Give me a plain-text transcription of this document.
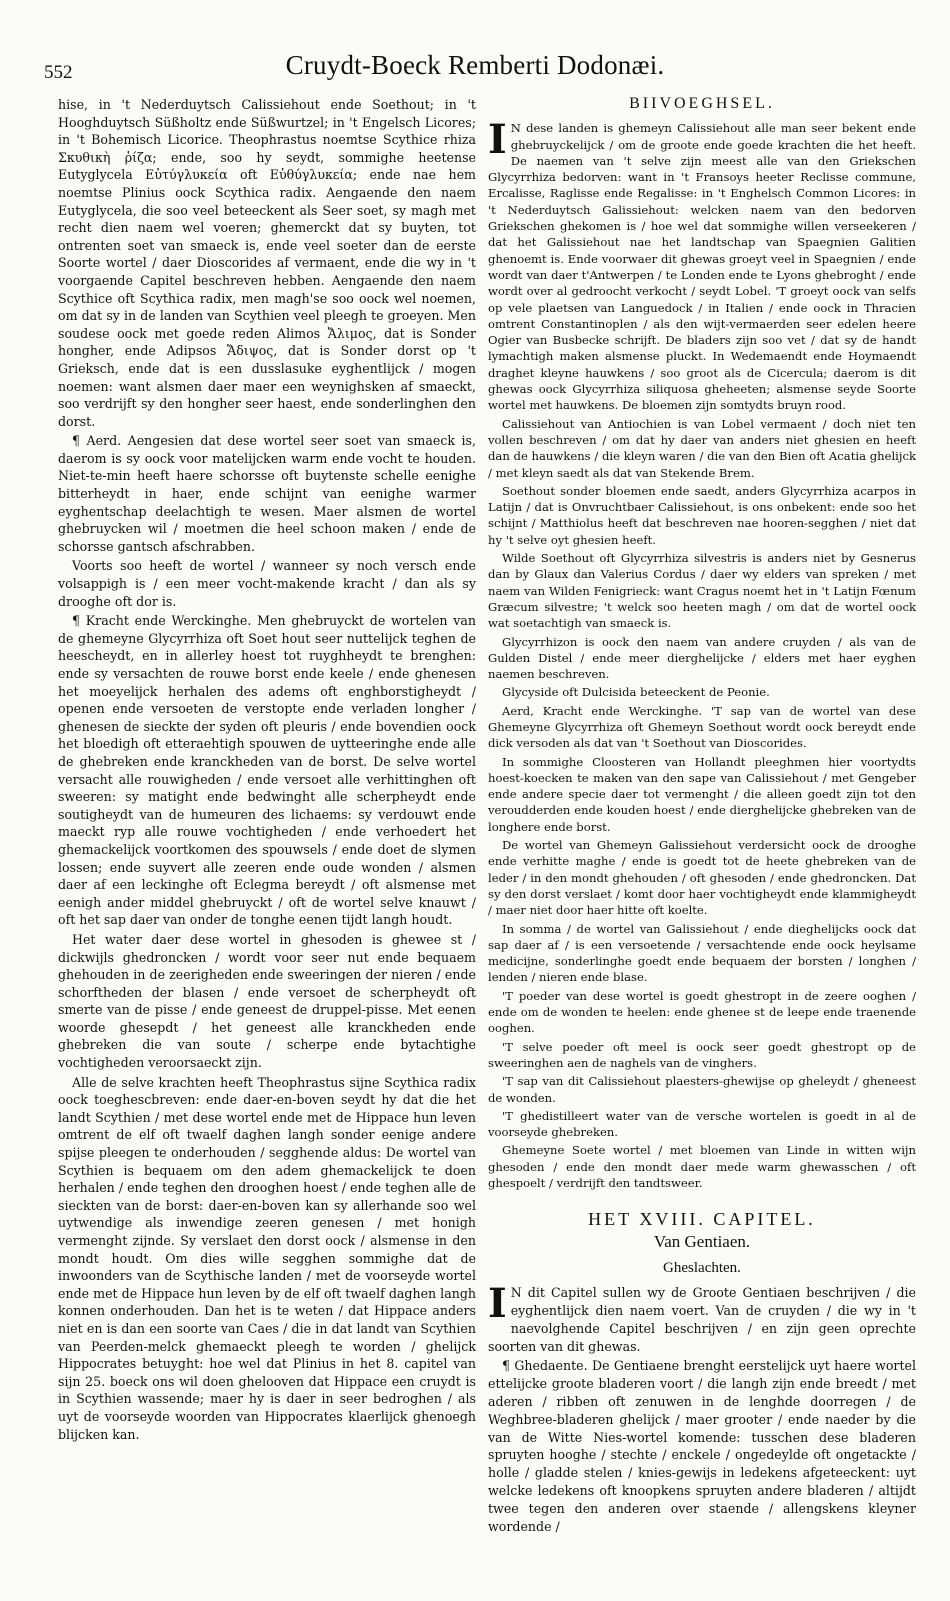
552	Cruydt-Boeck Remberti Dodonæi.

hise, in 't Nederduytsch Calissiehout ende Soethout; in 't Hooghduytsch Süßholtz ende Süßwurtzel; in 't Engelsch Licores; in 't Bohemisch Licorice. Theophrastus noemtse Scythice rhiza Σκυθικὴ ῥίζα; ende, soo hy seydt, sommighe heetense Eutyglycela Εὐτύγλυκεία oft Εὐθύγλυκεία; ende nae hem noemtse Plinius oock Scythica radix. Aengaende den naem Eutyglycela, die soo veel beteeckent als Seer soet, sy magh met recht dien naem wel voeren; ghemerckt dat sy buyten, tot ontrenten soet van smaeck is, ende veel soeter dan de eerste Soorte wortel / daer Dioscorides af vermaent, ende die wy in 't voorgaende Capitel beschreven hebben. Aengaende den naem Scythice oft Scythica radix, men magh'se soo oock wel noemen, om dat sy in de landen van Scythien veel pleegh te groeyen. Men soudese oock met goede reden Alimos Ἄλιμος, dat is Sonder hongher, ende Adipsos Ἄδιψος, dat is Sonder dorst op 't Grieksch, ende dat is een dusslasuke eyghentlijck / mogen noemen: want alsmen daer maer een weynighsken af smaeckt, soo verdrijft sy den hongher seer haest, ende sonderlinghen den dorst.

¶ Aerd. Aengesien dat dese wortel seer soet van smaeck is, daerom is sy oock voor matelijcken warm ende vocht te houden. Niet-te-min heeft haere schorsse oft buytenste schelle eenighe bitterheydt in haer, ende schijnt van eenighe warmer eyghentschap deelachtigh te wesen. Maer alsmen de wortel ghebruycken wil / moetmen die heel schoon maken / ende de schorsse gantsch afschrabben.

Voorts soo heeft de wortel / wanneer sy noch versch ende volsappigh is / een meer vocht-makende kracht / dan als sy drooghe oft dor is.

¶ Kracht ende Werckinghe. Men ghebruyckt de wortelen van de ghemeyne Glycyrrhiza oft Soet hout seer nuttelijck teghen de heescheydt, en in allerley hoest tot ruyghheydt te brenghen: ende sy versachten de rouwe borst ende keele / ende ghenesen het moeyelijck herhalen des adems oft enghborstigheydt / openen ende versoeten de verstopte ende verladen longher / ghenesen de sieckte der syden oft pleuris / ende bovendien oock het bloedigh oft etteraehtigh spouwen de uytteeringhe ende alle de ghebreken ende kranckheden van de borst. De selve wortel versacht alle rouwigheden / ende versoet alle verhittinghen oft sweeren: sy matight ende bedwinght alle scherpheydt ende soutigheydt van de humeuren des lichaems: sy verdouwt ende maeckt ryp alle rouwe vochtigheden / ende verhoedert het ghemackelijck voortkomen des spouwsels / ende doet de slymen lossen; ende suyvert alle zeeren ende oude wonden / alsmen daer af een leckinghe oft Eclegma bereydt / oft alsmense met eenigh ander middel ghebruyckt / oft de wortel selve knauwt / oft het sap daer van onder de tonghe eenen tijdt langh houdt.

Het water daer dese wortel in ghesoden is ghewee st / dickwijls ghedroncken / wordt voor seer nut ende bequaem ghehouden in de zeerigheden ende sweeringen der nieren / ende schorftheden der blasen / ende versoet de scherpheydt oft smerte van de pisse / ende geneest de druppel-pisse. Met eenen woorde ghesepdt / het geneest alle kranckheden ende ghebreken die van soute / scherpe ende bytachtighe vochtigheden veroorsaeckt zijn.

Alle de selve krachten heeft Theophrastus sijne Scythica radix oock toeghescbreven: ende daer-en-boven seydt hy dat die het landt Scythien / met dese wortel ende met de Hippace hun leven omtrent de elf oft twaelf daghen langh sonder eenige andere spijse pleegen te onderhouden / segghende aldus: De wortel van Scythien is bequaem om den adem ghemackelijck te doen herhalen / ende teghen den drooghen hoest / ende teghen alle de sieckten van de borst: daer-en-boven kan sy allerhande soo wel uytwendige als inwendige zeeren genesen / met honigh vermenght zijnde. Sy verslaet den dorst oock / alsmense in den mondt houdt. Om dies wille segghen sommighe dat de inwoonders van de Scythische landen / met de voorseyde wortel ende met de Hippace hun leven by de elf oft twaelf daghen langh konnen onderhouden. Dan het is te weten / dat Hippace anders niet en is dan een soorte van Caes / die in dat landt van Scythien van Peerden-melck ghemaeckt pleegh te worden / ghelijck Hippocrates betuyght: hoe wel dat Plinius in het 8. capitel van sijn 25. boeck ons wil doen ghelooven dat Hippace een cruydt is in Scythien wassende; maer hy is daer in seer bedroghen / als uyt de voorseyde woorden van Hippocrates klaerlijck ghenoegh blijcken kan.

BIIVOEGHSEL.

IN dese landen is ghemeyn Calissiehout alle man seer bekent ende ghebruyckelijck / om de groote ende goede krachten die het heeft. De naemen van 't selve zijn meest alle van den Griekschen Glycyrrhiza bedorven: want in 't Fransoys heeter Reclisse commune, Ercalisse, Raglisse ende Regalisse: in 't Enghelsch Common Licores: in 't Nederduytsch Galissiehout: welcken naem van den bedorven Griekschen ghekomen is / hoe wel dat sommighe willen verseekeren / dat het Galissiehout nae het landtschap van Spaegnien Galitien ghenoemt is. Ende voorwaer dit ghewas groeyt veel in Spaegnien / ende wordt van daer t'Antwerpen / te Londen ende te Lyons ghebroght / ende wordt over al gedroocht verkocht / seydt Lobel. 'T groeyt oock van selfs op vele plaetsen van Languedock / in Italien / ende oock in Thracien omtrent Constantinoplen / als den wijt-vermaerden seer edelen heere Ogier van Busbecke schrijft. De bladers zijn soo vet / dat sy de handt lymachtigh maken alsmense pluckt. In Wedemaendt ende Hoymaendt draghet kleyne hauwkens / soo groot als de Cicercula; daerom is dit ghewas oock Glycyrrhiza siliquosa gheheeten; alsmense seyde Soorte wortel met hauwkens. De bloemen zijn somtydts bruyn rood.

Calissiehout van Antiochien is van Lobel vermaent / doch niet ten vollen beschreven / om dat hy daer van anders niet ghesien en heeft dan de hauwkens / die kleyn waren / die van den Bien oft Acatia ghelijck / met kleyn saedt als dat van Stekende Brem.

Soethout sonder bloemen ende saedt, anders Glycyrrhiza acarpos in Latijn / dat is Onvruchtbaer Calissiehout, is ons onbekent: ende soo het schijnt / Matthiolus heeft dat beschreven nae hooren-segghen / niet dat hy 't selve oyt ghesien heeft.

Wilde Soethout oft Glycyrrhiza silvestris is anders niet by Gesnerus dan by Glaux dan Valerius Cordus / daer wy elders van spreken / met naem van Wilden Fenigrieck: want Cragus noemt het in 't Latijn Fœnum Græcum silvestre; 't welck soo heeten magh / om dat de wortel oock wat soetachtigh van smaeck is.

Glycyrrhizon is oock den naem van andere cruyden / als van de Gulden Distel / ende meer dierghelijcke / elders met haer eyghen naemen beschreven.

Glycyside oft Dulcisida beteeckent de Peonie.

Aerd, Kracht ende Werckinghe. 'T sap van de wortel van dese Ghemeyne Glycyrrhiza oft Ghemeyn Soethout wordt oock bereydt ende dick versoden als dat van 't Soethout van Dioscorides.

In sommighe Cloosteren van Hollandt pleeghmen hier voortydts hoest-koecken te maken van den sape van Calissiehout / met Gengeber ende andere specie daer tot vermenght / die alleen goedt zijn tot den veroudderden ende kouden hoest / ende dierghelijcke ghebreken van de longhere ende borst.

De wortel van Ghemeyn Galissiehout verdersicht oock de drooghe ende verhitte maghe / ende is goedt tot de heete ghebreken van de leder / in den mondt ghehouden / oft ghesoden / ende ghedroncken. Dat sy den dorst verslaet / komt door haer vochtigheydt ende klammigheydt / maer niet door haer hitte oft koelte.

In somma / de wortel van Galissiehout / ende dieghelijcks oock dat sap daer af / is een versoetende / versachtende ende oock heylsame medicijne, sonderlinghe goedt ende bequaem der borsten / longhen / lenden / nieren ende blase.

'T poeder van dese wortel is goedt ghestropt in de zeere ooghen / ende om de wonden te heelen: ende ghenee st de leepe ende traenende ooghen.

'T selve poeder oft meel is oock seer goedt ghestropt op de sweeringhen aen de naghels van de vinghers.

'T sap van dit Calissiehout plaesters-ghewijse op gheleydt / gheneest de wonden.

'T ghedistilleert water van de versche wortelen is goedt in al de voorseyde ghebreken.

Ghemeyne Soete wortel / met bloemen van Linde in witten wijn ghesoden / ende den mondt daer mede warm ghewasschen / oft ghespoelt / verdrijft den tandtsweer.

HET XVIII. CAPITEL.
Van Gentiaen.
Gheslachten.

IN dit Capitel sullen wy de Groote Gentiaen beschrijven / die eyghentlijck dien naem voert. Van de cruyden / die wy in 't naevolghende Capitel beschrijven / en zijn geen oprechte soorten van dit ghewas.

¶ Ghedaente. De Gentiaene brenght eerstelijck uyt haere wortel ettelijcke groote bladeren voort / die langh zijn ende breedt / met aderen / ribben oft zenuwen in de lenghde doorregen / de Weghbree-bladeren ghelijck / maer grooter / ende naeder by die van de Witte Nies-wortel komende: tusschen dese bladeren spruyten hooghe / stechte / enckele / ongedeylde oft ongetackte / holle / gladde stelen / knies-gewijs in ledekens afgeteeckent: uyt welcke ledekens oft knoopkens spruyten andere bladeren / altijdt twee tegen den anderen over staende / allengskens kleyner wordende /
